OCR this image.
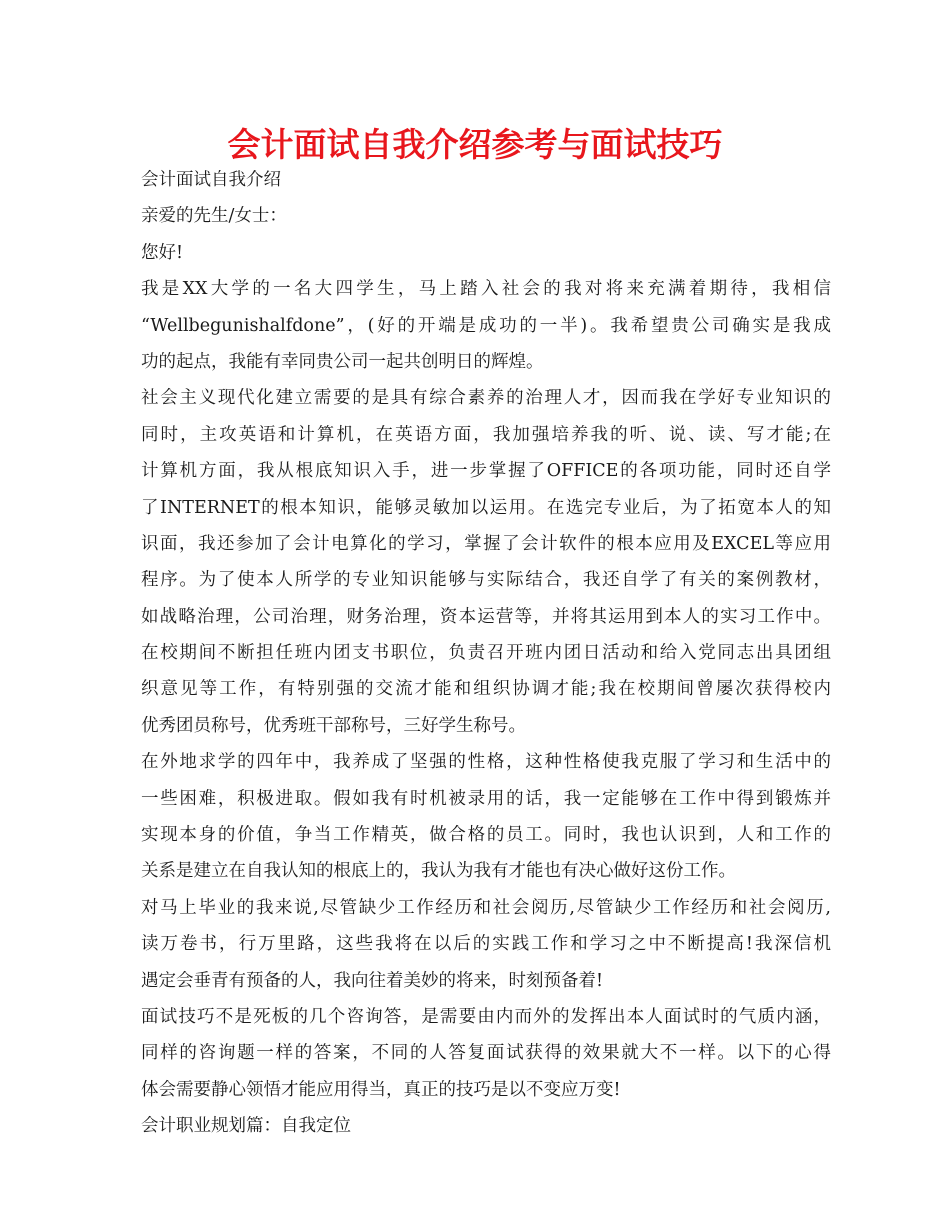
会计面试自我介绍参考与面试技巧
会计面试自我介绍
亲爱的先生/女士：
您好!
我是XX大学的一名大四学生，马上踏入社会的我对将来充满着期待，我相信
“Wellbegunishalfdone”，(好的开端是成功的一半)。我希望贵公司确实是我成
功的起点，我能有幸同贵公司一起共创明日的辉煌。
社会主义现代化建立需要的是具有综合素养的治理人才，因而我在学好专业知识的
同时，主攻英语和计算机，在英语方面，我加强培养我的听、说、读、写才能;在
计算机方面，我从根底知识入手，进一步掌握了OFFICE的各项功能，同时还自学
了INTERNET的根本知识，能够灵敏加以运用。在选完专业后，为了拓宽本人的知
识面，我还参加了会计电算化的学习，掌握了会计软件的根本应用及EXCEL等应用
程序。为了使本人所学的专业知识能够与实际结合，我还自学了有关的案例教材，
如战略治理，公司治理，财务治理，资本运营等，并将其运用到本人的实习工作中。
在校期间不断担任班内团支书职位，负责召开班内团日活动和给入党同志出具团组
织意见等工作，有特别强的交流才能和组织协调才能;我在校期间曾屡次获得校内
优秀团员称号，优秀班干部称号，三好学生称号。
在外地求学的四年中，我养成了坚强的性格，这种性格使我克服了学习和生活中的
一些困难，积极进取。假如我有时机被录用的话，我一定能够在工作中得到锻炼并
实现本身的价值，争当工作精英，做合格的员工。同时，我也认识到，人和工作的
关系是建立在自我认知的根底上的，我认为我有才能也有决心做好这份工作。
对马上毕业的我来说,尽管缺少工作经历和社会阅历,尽管缺少工作经历和社会阅历,
读万卷书，行万里路，这些我将在以后的实践工作和学习之中不断提高!我深信机
遇定会垂青有预备的人，我向往着美妙的将来，时刻预备着!
面试技巧不是死板的几个咨询答，是需要由内而外的发挥出本人面试时的气质内涵，
同样的咨询题一样的答案，不同的人答复面试获得的效果就大不一样。以下的心得
体会需要静心领悟才能应用得当，真正的技巧是以不变应万变!
会计职业规划篇：自我定位
